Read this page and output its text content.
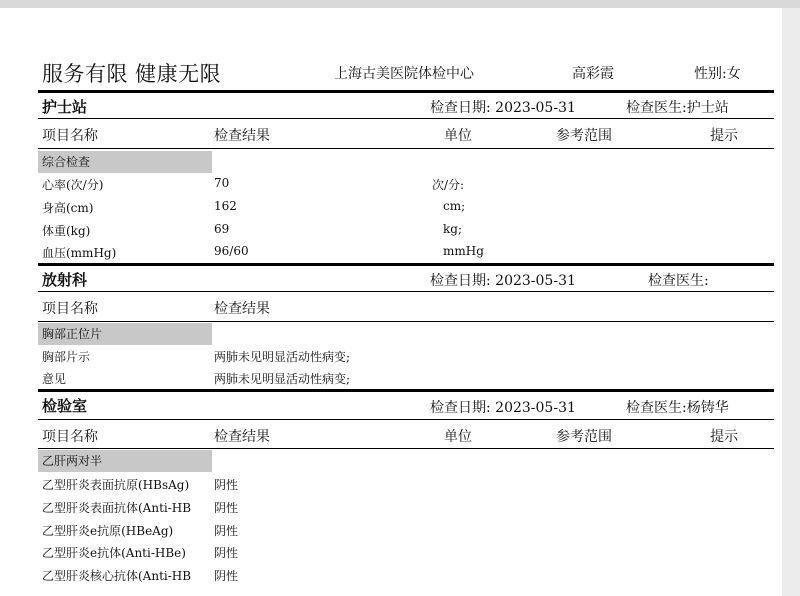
服务有限 健康无限	上海古美医院体检中心	高彩霞	性别:女
护士站	检查日期: 2023-05-31	检查医生:护士站
项目名称	检查结果	单位	参考范围	提示
综合检查
心率(次/分)	70	次/分:
身高(cm)	162	cm;
体重(kg)	69	kg;
血压(mmHg)	96/60	mmHg
放射科	检查日期: 2023-05-31	检查医生:
项目名称	检查结果
胸部正位片
胸部片示	两肺未见明显活动性病变;
意见	两肺未见明显活动性病变;
检验室	检查日期: 2023-05-31	检查医生:杨铸华
项目名称	检查结果	单位	参考范围	提示
乙肝两对半
乙型肝炎表面抗原(HBsAg) 阴性
乙型肝炎表面抗体(Anti-HB 阴性
乙型肝炎e抗原(HBeAg)	阴性
乙型肝炎e抗体(Anti-HBe) 阴性
乙型肝炎核心抗体(Anti-HB 阴性
